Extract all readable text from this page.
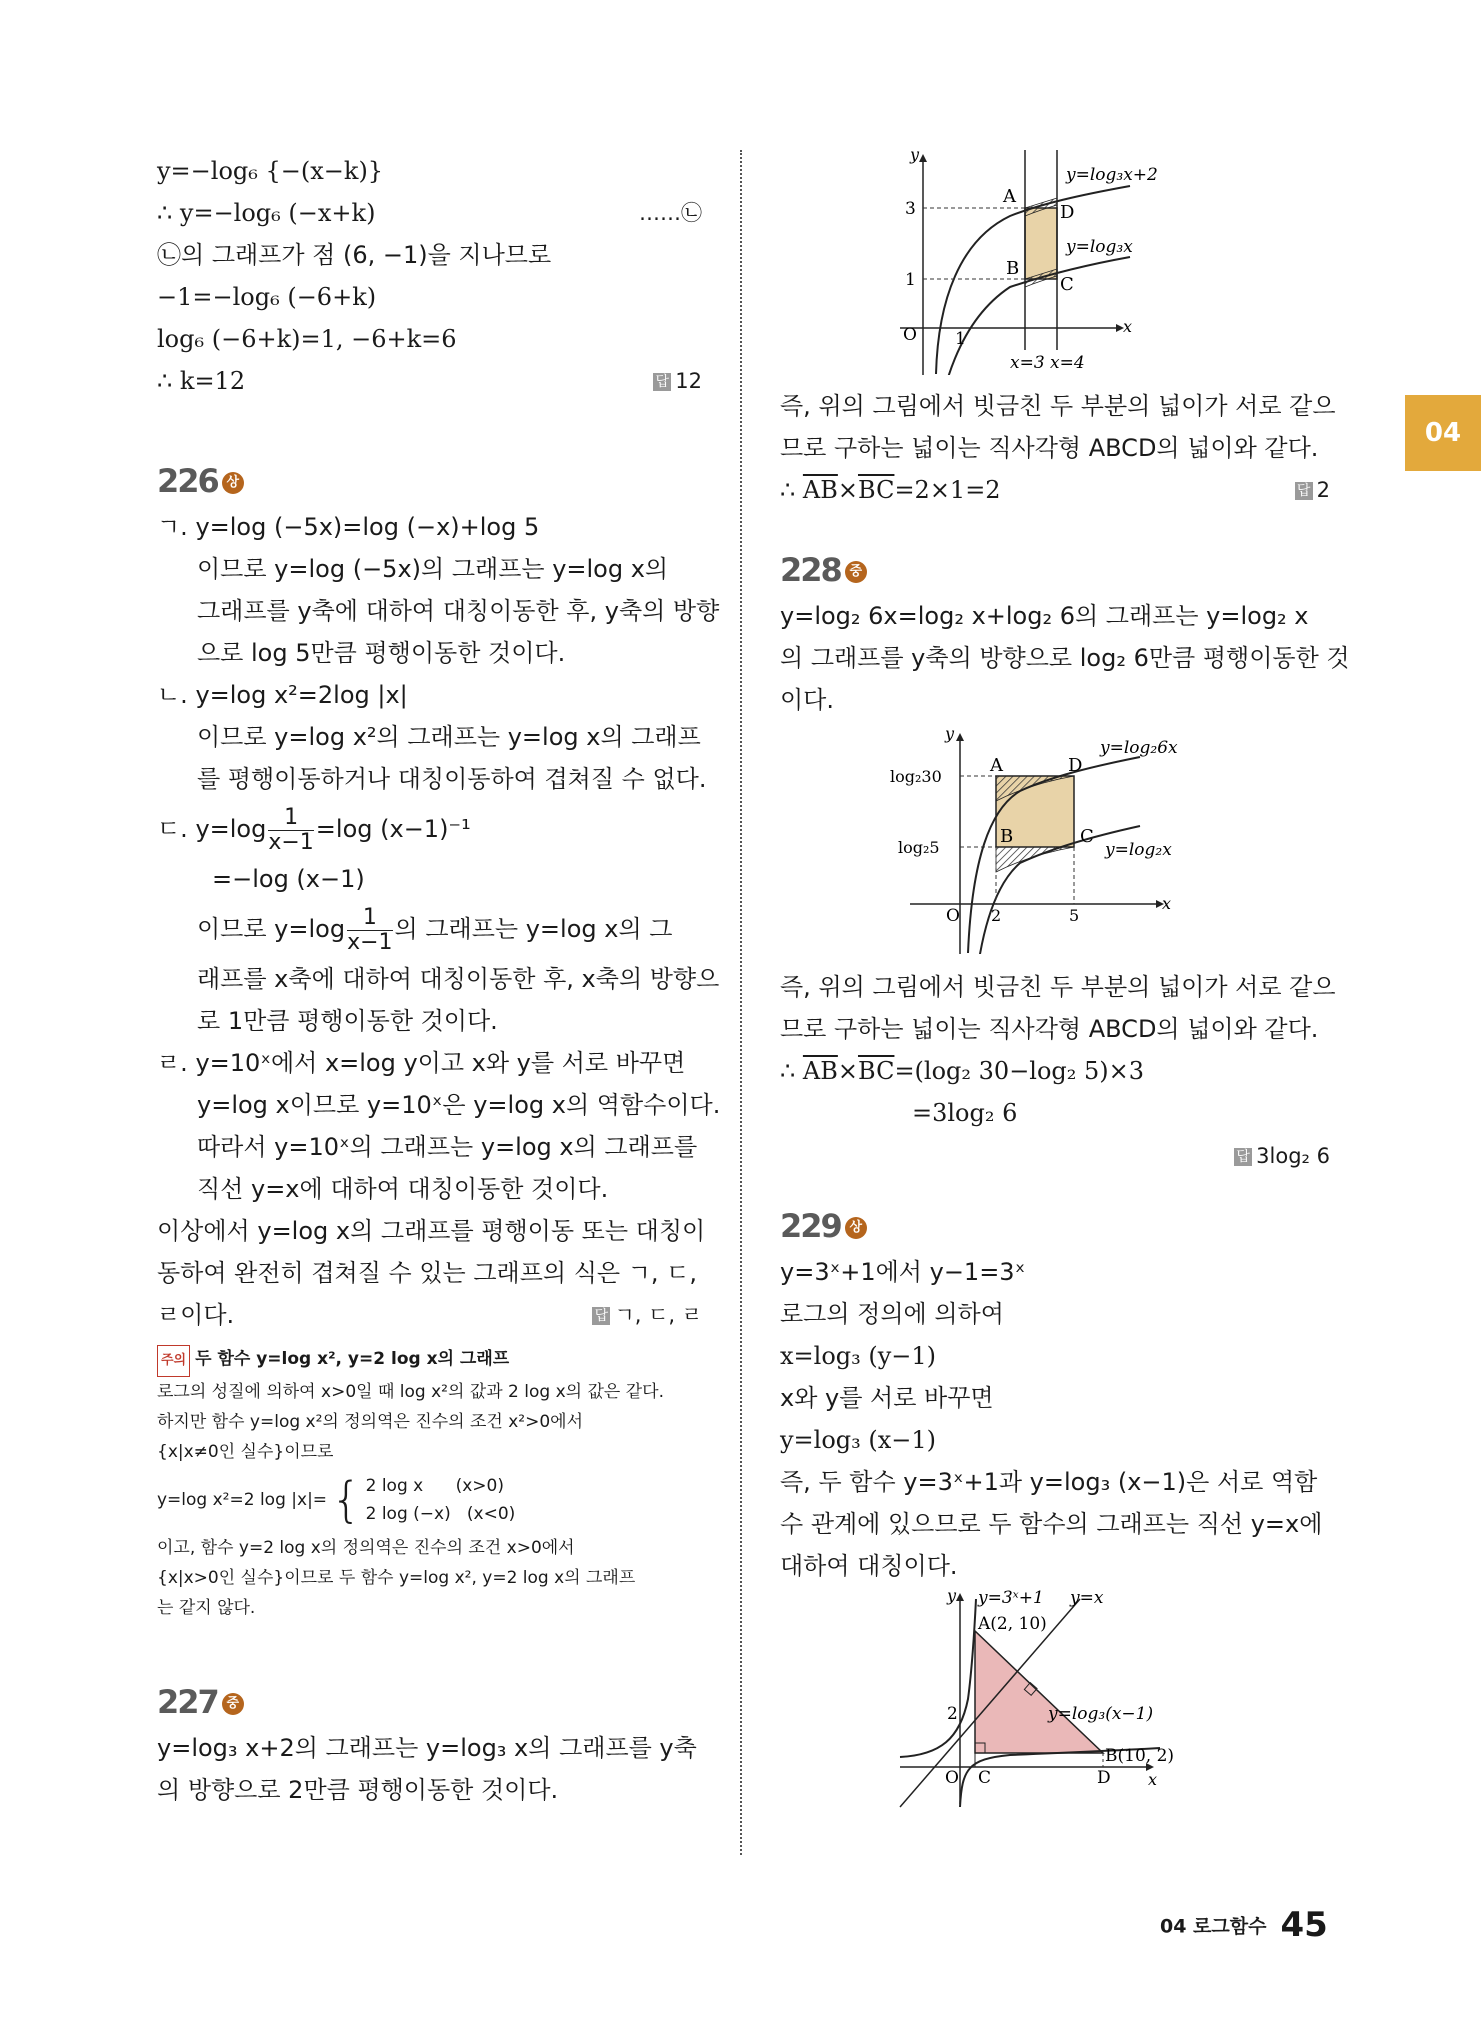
04
y=−log₆ {−(x−k)}
∴ y=−log₆ (−x+k)	……㉡
㉡의 그래프가 점 (6, −1)을 지나므로
−1=−log₆ (−6+k)
log₆ (−6+k)=1, −6+k=6
∴ k=12	답 12
226 상
ㄱ. y=log (−5x)=log (−x)+log 5
이므로 y=log (−5x)의 그래프는 y=log x의
그래프를 y축에 대하여 대칭이동한 후, y축의 방향
으로 log 5만큼 평행이동한 것이다.
ㄴ. y=log x²=2log |x|
이므로 y=log x²의 그래프는 y=log x의 그래프
를 평행이동하거나 대칭이동하여 겹쳐질 수 없다.
ㄷ. $y=\log \frac{1}{x-1} =\log$ (x−1)⁻¹
=−log (x−1)
이므로 $y=\log \frac{1}{x-1}$ 의 그래프는 y=log x의 그
래프를 x축에 대하여 대칭이동한 후, x축의 방향으
로 1만큼 평행이동한 것이다.
ㄹ. y=10ˣ에서 x=log y이고 x와 y를 서로 바꾸면
y=log x이므로 y=10ˣ은 y=log x의 역함수이다.
따라서 y=10ˣ의 그래프는 y=log x의 그래프를
직선 y=x에 대하여 대칭이동한 것이다.
이상에서 y=log x의 그래프를 평행이동 또는 대칭이
동하여 완전히 겹쳐질 수 있는 그래프의 식은 ㄱ, ㄷ,
ㄹ이다.	답 ㄱ, ㄷ, ㄹ
주의 두 함수 y=log x², y=2 log x의 그래프
로그의 성질에 의하여 x>0일 때 log x²의 값과 2 log x의 값은 같다.
하지만 함수 y=log x²의 정의역은 진수의 조건 x²>0에서
{x|x≠0인 실수}이므로
y=log x²=2 log |x|= { 2 log x      (x>0)
2 log (−x)   (x<0)
이고, 함수 y=2 log x의 정의역은 진수의 조건 x>0에서
{x|x>0인 실수}이므로 두 함수 y=log x², y=2 log x의 그래프
는 같지 않다.
227 중
y=log₃ x+2의 그래프는 y=log₃ x의 그래프를 y축
의 방향으로 2만큼 평행이동한 것이다.
y
x
O
3
1
1
A
D
B
C
y=log₃x+2
y=log₃x
x=3 x=4
즉, 위의 그림에서 빗금친 두 부분의 넓이가 서로 같으
므로 구하는 넓이는 직사각형 ABCD의 넓이와 같다.
∴ $\overline{AB}\times\overline{BC}=2\times 1=2$	답 2
228 중
y=log₂ 6x=log₂ x+log₂ 6의 그래프는 y=log₂ x
의 그래프를 y축의 방향으로 log₂ 6만큼 평행이동한 것
이다.
y
x
O
log₂30
log₂5
2	5
A	D
B	C
y=log₂6x
y=log₂x
즉, 위의 그림에서 빗금친 두 부분의 넓이가 서로 같으
므로 구하는 넓이는 직사각형 ABCD의 넓이와 같다.
∴ $\overline{AB}\times\overline{BC}=(\log_2$ 30−log₂ 5)×3
=3log₂ 6
답 3log₂ 6
229 상
y=3ˣ+1에서 y−1=3ˣ
로그의 정의에 의하여
x=log₃ (y−1)
x와 y를 서로 바꾸면
y=log₃ (x−1)
즉, 두 함수 y=3ˣ+1과 y=log₃ (x−1)은 서로 역함
수 관계에 있으므로 두 함수의 그래프는 직선 y=x에
대하여 대칭이다.
y
x
O
2
C	D
y=3ˣ+1 y=x
A(2, 10)
B(10, 2)
y=log₃(x−1)
04 로그함수 45
